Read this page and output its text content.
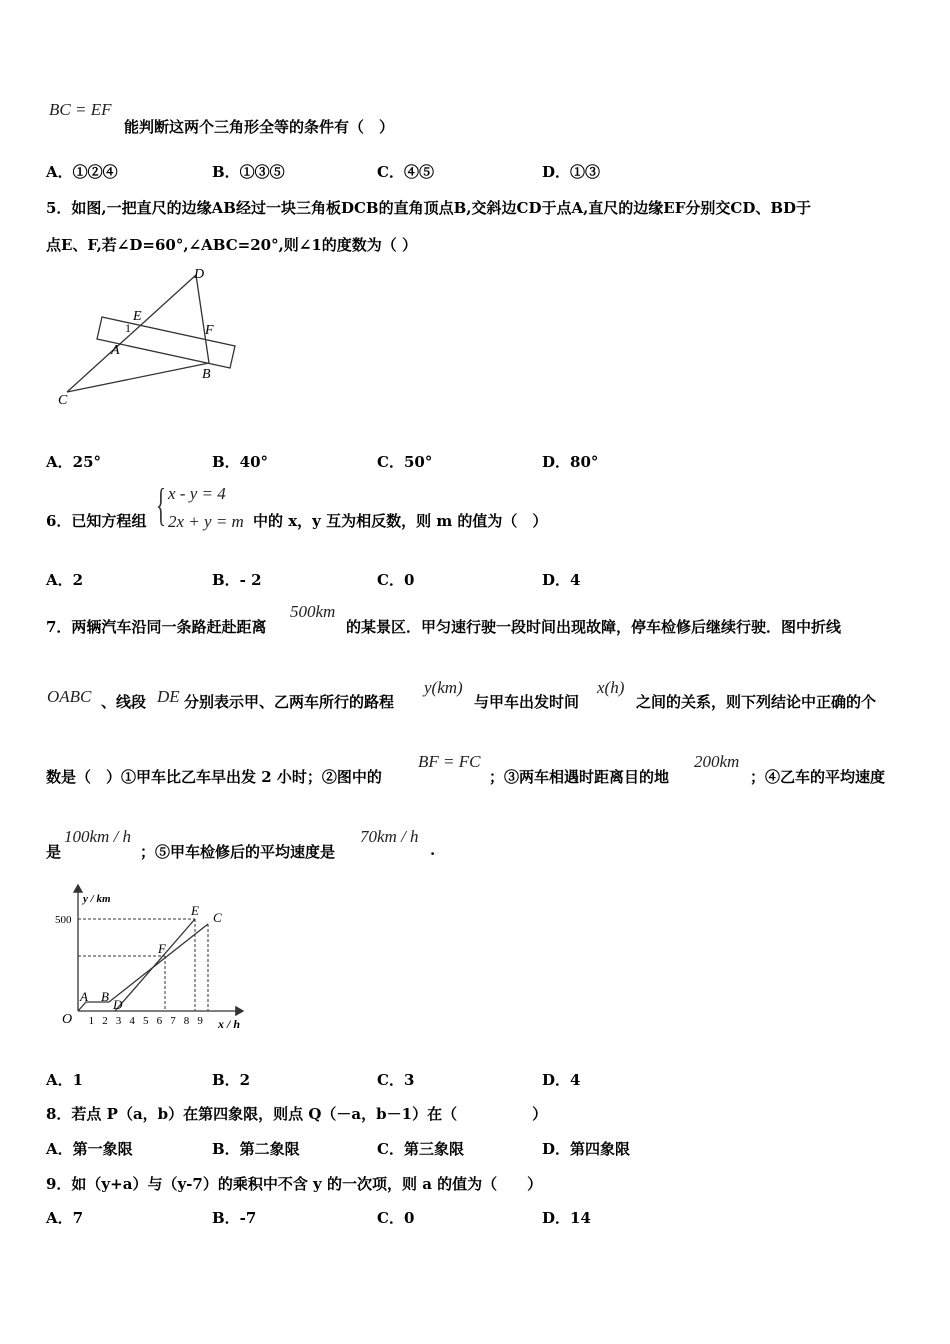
BC = EF
能判断这两个三角形全等的条件有（　）
A．①②④	B．①③⑤	C．④⑤	D．①③
5．如图,一把直尺的边缘AB经过一块三角板DCB的直角顶点B,交斜边CD于点A,直尺的边缘EF分别交CD、BD于
点E、F,若∠D=60°,∠ABC=20°,则∠1的度数为（ ）
D
E
F
1
A
B
C
A．25°	B．40°	C．50°	D．80°
6．已知方程组 { x - y = 4
2x + y = m 中的 x，y 互为相反数，则 m 的值为（　）
A．2	B．- 2	C．0	D．4
7．两辆汽车沿同一条路赶赴距离
500km
的某景区．甲匀速行驶一段时间出现故障，停车检修后继续行驶．图中折线
OABC 、线段 DE 分别表示甲、乙两车所行的路程
y(km)
与甲车出发时间
x(h)
之间的关系，则下列结论中正确的个
数是（　）①甲车比乙车早出发 2 小时；②图中的
BF = FC
；③两车相遇时距离目的地
200km
；④乙车的平均速度
是
100km / h
；⑤甲车检修后的平均速度是
70km / h
.
y / km
x / h
500
O 1 2 3 4 5 6 7 8 9
A B
D
E C
F
A．1	B．2	C．3	D．4
8．若点 P（a，b）在第四象限，则点 Q（－a，b－1）在（　　　　　）
A．第一象限	B．第二象限	C．第三象限	D．第四象限
9．如（y+a）与（y-7）的乘积中不含 y 的一次项，则 a 的值为（　　）
A．7	B．-7	C．0	D．14
